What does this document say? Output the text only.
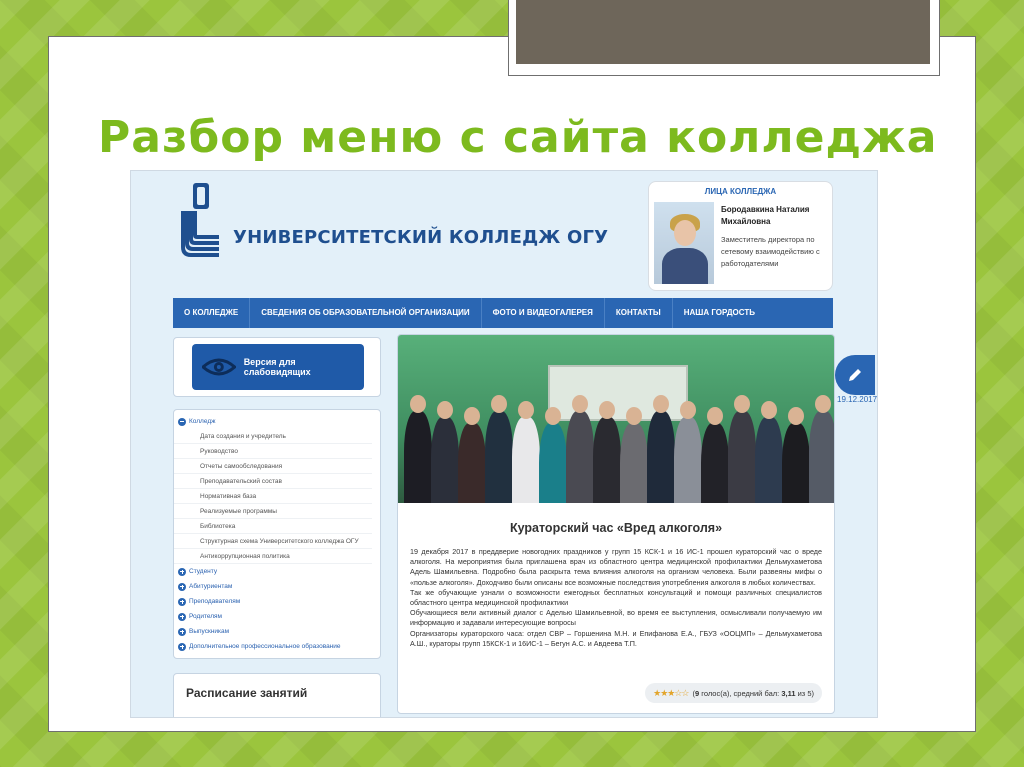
Разбор меню с сайта колледжа
УНИВЕРСИТЕТСКИЙ КОЛЛЕДЖ ОГУ
ЛИЦА КОЛЛЕДЖА
Бородавкина Наталия Михайловна
Заместитель директора по сетевому взаимодействию с работодателями
О КОЛЛЕДЖЕ	СВЕДЕНИЯ ОБ ОБРАЗОВАТЕЛЬНОЙ ОРГАНИЗАЦИИ	ФОТО И ВИДЕОГАЛЕРЕЯ	КОНТАКТЫ	НАША ГОРДОСТЬ
Версия для слабовидящих
Колледж
Дата создания и учредитель
Руководство
Отчеты самообследования
Преподавательский состав
Нормативная база
Реализуемые программы
Библиотека
Структурная схема Университетского колледжа ОГУ
Антикоррупционная политика
Студенту
Абитуриентам
Преподавателям
Родителям
Выпускникам
Дополнительное профессиональное образование
Расписание занятий
Кураторский час «Вред алкоголя»
19 декабря 2017 в преддверие новогодних праздников у групп 15 КСК-1 и 16 ИС-1 прошел кураторский час о вреде алкоголя. На мероприятия была приглашена врач из областного центра медицинской профилактики Дельмухаметова Адель Шамильевна. Подробно была раскрыта тема влияния алкоголя на организм человека. Были развеяны мифы о «пользе алкоголя». Доходчиво были описаны все возможные последствия употребления алкоголя в любых количествах.
Так же обучающие узнали о возможности ежегодных бесплатных консультаций и помощи различных специалистов областного центра медицинской профилактики
Обучающиеся вели активный диалог с Аделью Шамильевной, во время ее выступления, осмысливали получаемую им информацию и задавали интересующие вопросы
Организаторы кураторского часа: отдел СВР – Горшенина М.Н. и Епифанова Е.А., ГБУЗ «ООЦМП» – Дельмухаметова А.Ш., кураторы групп 15КСК-1 и 16ИС-1 – Бегун А.С. и Авдеева Т.П.
★★★☆☆ (9 голос(а), средний бал: 3,11 из 5)
19.12.2017
